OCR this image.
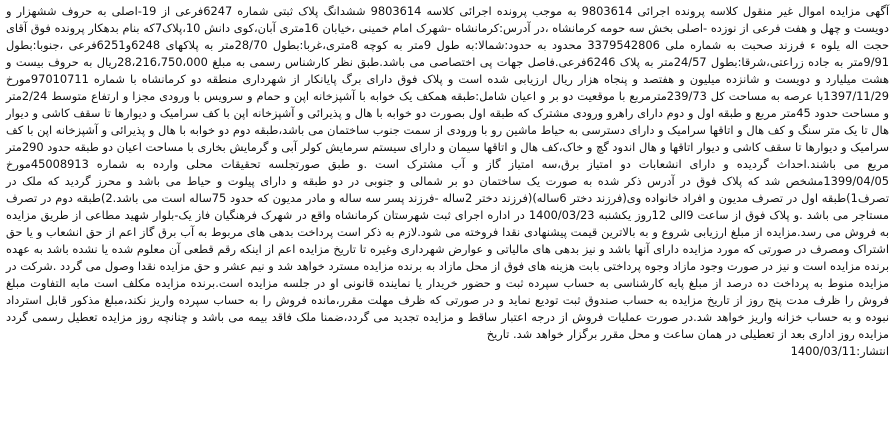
آگهی مزایده اموال غیر منقول کلاسه پرونده اجرائی 9803614 به موجب پرونده اجرائی کلاسه 9803614 ششدانگ پلاک ثبتی شماره 6247فرعی از 19-اصلی به حروف ششهزار و دویست و چهل و هفت فرعی از نوزده -اصلی بخش سه حومه کرمانشاه ،در آدرس:کرمانشاه -شهرک امام خمینی ،خیابان 16متری آبان،کوی دانش 10،پلاک7که بنام بدهکار پرونده فوق آقای حجت اله یلوه ء فرزند صحبت به شماره ملی 3379542806 محدود به حدود:شمالا:به طول 9متر به کوچه 8متری،غربا:بطول 28/70متر به پلاکهای 6248و6251فرعی ،جنوبا:بطول 9/91متر به جاده زراعتی،شرقا:بطول 24/57متر به پلاک 6246فرعی.فاصل جهات پی اختصاصی می باشد.طبق نظر کارشناس رسمی به مبلغ 28،216،750،000ریال به حروف بیست و هشت میلیارد و دویست و شانزده میلیون و هفتصد و پنجاه هزار ریال ارزیابی شده است و پلاک فوق دارای برگ پایانکار از شهرداری منطقه دو کرمانشاه با شماره 97010711مورخ 1397/11/29با عرصه به مساحت کل 239/73مترمربع با موقعیت دو بر و اعیان شامل:طبقه همکف یک خوابه با آشپزخانه اپن و حمام و سرویس با ورودی مجزا و ارتفاع متوسط 2/24متر و مساحت حدود 45متر مربع و طبقه اول و دوم دارای راهرو ورودی مشترک که طبقه اول بصورت دو خوابه با هال و پذیرائی و آشپزخانه اپن با کف سرامیک و دیوارها تا سقف کاشی و دیوار هال تا یک متر سنگ و کف هال و اتاقها سرامیک و دارای دسترسی به حیاط ماشین رو با ورودی از سمت جنوب ساختمان می باشد،طبقه دوم دو خوابه با هال و پذیرائی و آشپزخانه اپن با کف سرامیک و دیوارها تا سقف کاشی و دیوار اتاقها و هال اندود گچ و خاک،کف هال و اتاقها سیمان و دارای سیستم سرمایش کولر آبی و گرمایش بخاری با مساحت اعیان دو طبقه حدود 290متر مربع می باشند.احداث گردیده و دارای انشعابات دو امتیاز برق،سه امتیاز گاز و آب مشترک است .و طبق صورتجلسه تحقیقات محلی وارده به شماره 45008913مورخ 1399/04/05مشخص شد که پلاک فوق در آدرس ذکر شده به صورت یک ساختمان دو بر شمالی و جنوبی در دو طبقه و دارای پیلوت و حیاط می باشد و محرز گردید که ملک در تصرف1)طبقه اول در تصرف مدیون و افراد خانواده وی(فرزند دختر 6ساله)(فرزند دختر 2ساله -فرزند پسر سه ساله و مادر مدیون که حدود 75ساله است می باشد.2)طبقه دوم در تصرف مستاجر می باشد .و پلاک فوق از ساعت 9الی 12روز یکشنبه 1400/03/23 در اداره اجرای ثبت شهرستان کرمانشاه واقع در شهرک فرهنگیان فاز یک-بلوار شهید مطاعی از طریق مزایده به فروش می رسد.مزایده از مبلغ ارزیابی شروع و به بالاترین قیمت پیشنهادی نقدا فروخته می شود.لازم به ذکر است پرداخت بدهی های مربوط به آب برق گاز اعم از حق انشعاب و یا حق اشتراک ومصرف در صورتی که مورد مزایده دارای آنها باشد و نیز بدهی های مالیاتی و عوارض شهرداری وغیره تا تاریخ مزایده اعم از اینکه رقم قطعی آن معلوم شده یا نشده باشد به عهده برنده مزایده است و نیز در صورت وجود مازاد وجوه پرداختی بابت هزینه های فوق از محل مازاد به برنده مزایده مسترد خواهد شد و نیم عشر و حق مزایده نقدا وصول می گردد .شرکت در مزایده منوط به پرداخت ده درصد از مبلغ پایه کارشناسی به حساب سپرده ثبت و حضور خریدار یا نماینده قانونی او در جلسه مزایده است.برنده مزایده مکلف است مابه التفاوت مبلغ فروش را ظرف مدت پنج روز از تاریخ مزایده به حساب صندوق ثبت تودیع نماید و در صورتی که ظرف مهلت مقرر،مانده فروش را به حساب سپرده واریز نکند،مبلغ مذکور قابل استرداد نبوده و به حساب خزانه واریز خواهد شد.در صورت عملیات فروش از درجه اعتبار ساقط و مزایده تجدید می گردد،ضمنا ملک فاقد بیمه می باشد و چنانچه روز مزایده تعطیل رسمی گردد مزایده روز اداری بعد از تعطیلی در همان ساعت و محل مقرر برگزار خواهد شد. تاریخ
انتشار:1400/03/11
